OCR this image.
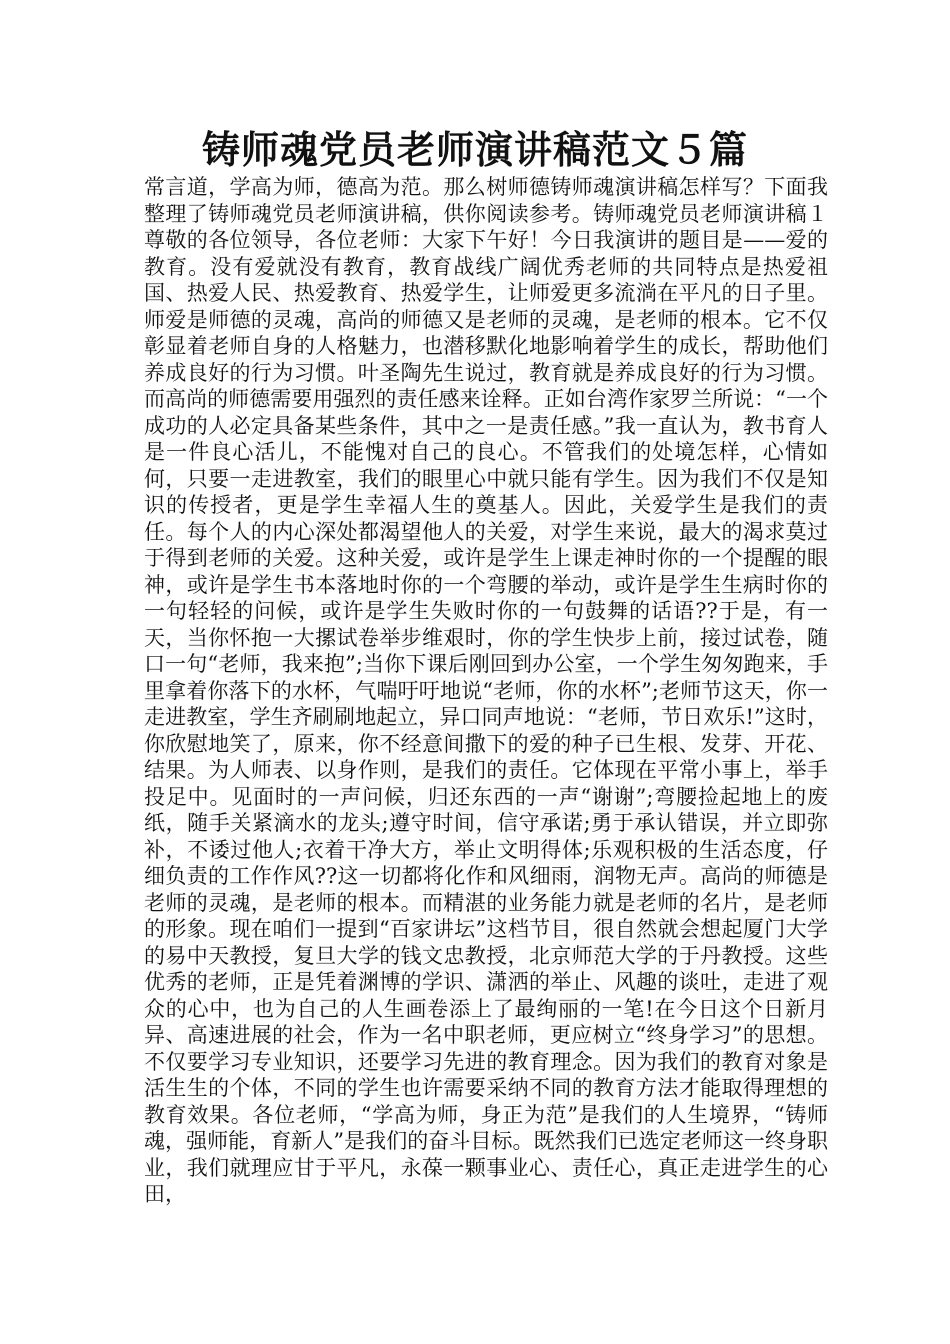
铸师魂党员老师演讲稿范文５篇

常言道，学高为师，德高为范。那么树师德铸师魂演讲稿怎样写？下面我整理了铸师魂党员老师演讲稿，供你阅读参考。铸师魂党员老师演讲稿１尊敬的各位领导，各位老师：大家下午好！今日我演讲的题目是——爱的教育。没有爱就没有教育，教育战线广阔优秀老师的共同特点是热爱祖国、热爱人民、热爱教育、热爱学生，让师爱更多流淌在平凡的日子里。师爱是师德的灵魂，高尚的师德又是老师的灵魂，是老师的根本。它不仅彰显着老师自身的人格魅力，也潜移默化地影响着学生的成长，帮助他们养成良好的行为习惯。叶圣陶先生说过，教育就是养成良好的行为习惯。而高尚的师德需要用强烈的责任感来诠释。正如台湾作家罗兰所说：“一个成功的人必定具备某些条件，其中之一是责任感。”我一直认为，教书育人是一件良心活儿，不能愧对自己的良心。不管我们的处境怎样，心情如何，只要一走进教室，我们的眼里心中就只能有学生。因为我们不仅是知识的传授者，更是学生幸福人生的奠基人。因此，关爱学生是我们的责任。每个人的内心深处都渴望他人的关爱，对学生来说，最大的渴求莫过于得到老师的关爱。这种关爱，或许是学生上课走神时你的一个提醒的眼神，或许是学生书本落地时你的一个弯腰的举动，或许是学生生病时你的一句轻轻的问候，或许是学生失败时你的一句鼓舞的话语??于是，有一天，当你怀抱一大摞试卷举步维艰时，你的学生快步上前，接过试卷，随口一句“老师，我来抱”;当你下课后刚回到办公室，一个学生匆匆跑来，手里拿着你落下的水杯，气喘吁吁地说“老师，你的水杯”;老师节这天，你一走进教室，学生齐刷刷地起立，异口同声地说：“老师，节日欢乐!”这时，你欣慰地笑了，原来，你不经意间撒下的爱的种子已生根、发芽、开花、结果。为人师表、以身作则，是我们的责任。它体现在平常小事上，举手投足中。见面时的一声问候，归还东西的一声“谢谢”;弯腰捡起地上的废纸，随手关紧滴水的龙头;遵守时间，信守承诺;勇于承认错误，并立即弥补，不诿过他人;衣着干净大方，举止文明得体;乐观积极的生活态度，仔细负责的工作作风??这一切都将化作和风细雨，润物无声。高尚的师德是老师的灵魂，是老师的根本。而精湛的业务能力就是老师的名片，是老师的形象。现在咱们一提到“百家讲坛”这档节目，很自然就会想起厦门大学的易中天教授，复旦大学的钱文忠教授，北京师范大学的于丹教授。这些优秀的老师，正是凭着渊博的学识、潇洒的举止、风趣的谈吐，走进了观众的心中，也为自己的人生画卷添上了最绚丽的一笔!在今日这个日新月异、高速进展的社会，作为一名中职老师，更应树立“终身学习”的思想。不仅要学习专业知识，还要学习先进的教育理念。因为我们的教育对象是活生生的个体，不同的学生也许需要采纳不同的教育方法才能取得理想的教育效果。各位老师，“学高为师，身正为范”是我们的人生境界，“铸师魂，强师能，育新人”是我们的奋斗目标。既然我们已选定老师这一终身职业，我们就理应甘于平凡，永葆一颗事业心、责任心，真正走进学生的心田，
